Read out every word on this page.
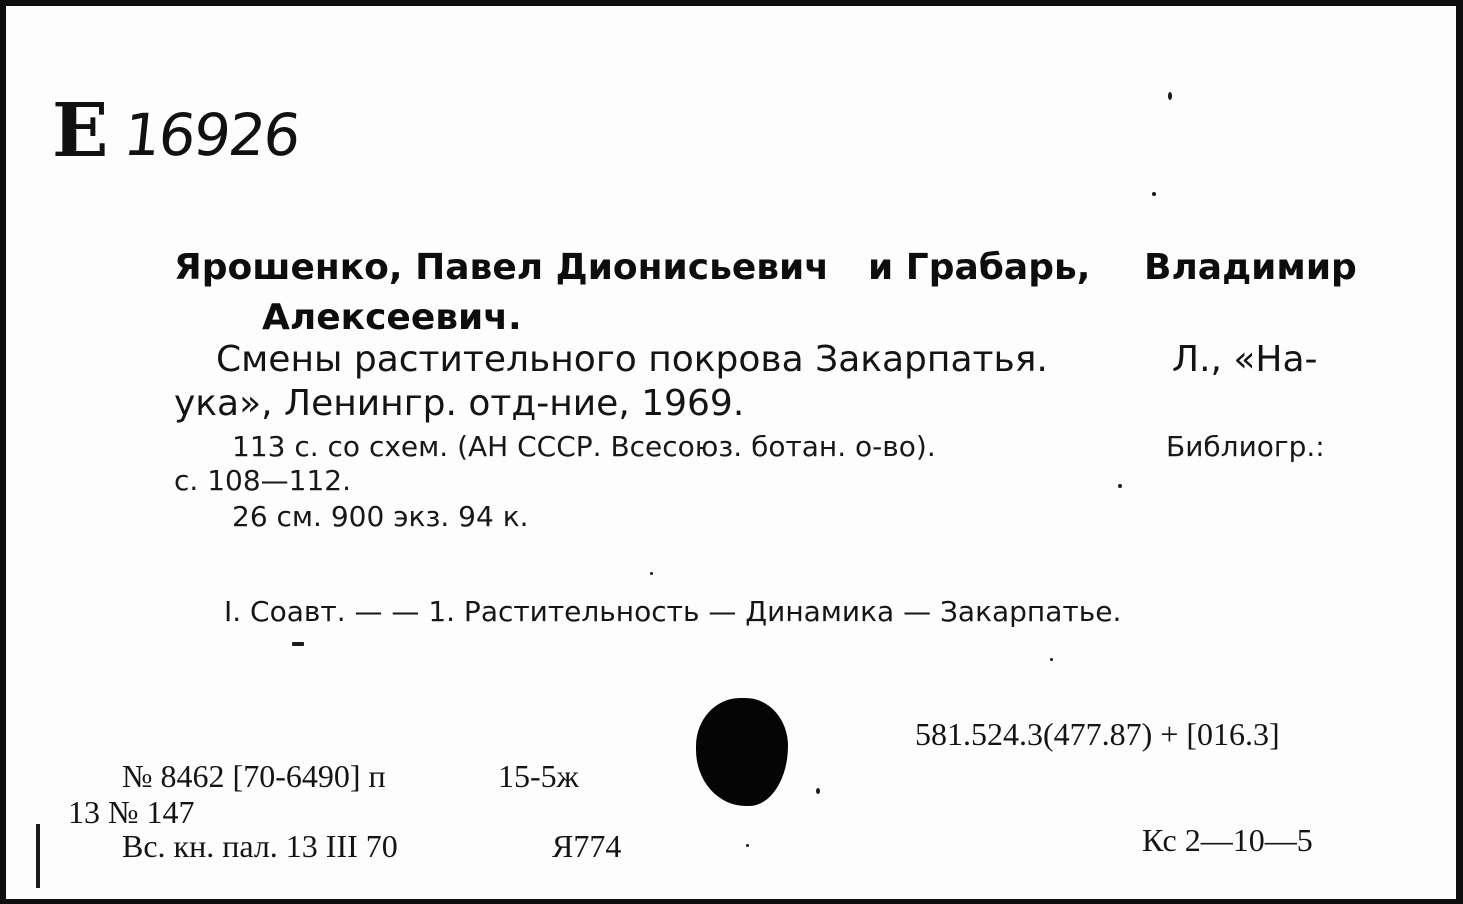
Е 16926
Ярошенко, Павел Дионисьевич и Грабарь, Владимир
Алексеевич.
Смены растительного покрова Закарпатья.	Л., «На-
ука», Ленингр. отд-ние, 1969.
113 с. со схем. (АН СССР. Всесоюз. ботан. о-во).	Библиогр.:
с. 108—112.
26 см. 900 экз. 94 к.
I. Соавт. — — 1. Растительность — Динамика — Закарпатье.
581.524.3(477.87) + [016.3]
№ 8462 [70-6490] п	15-5ж
13 № 147
Вс. кн. пал. 13 III 70	Я774	Кс 2—10—5
